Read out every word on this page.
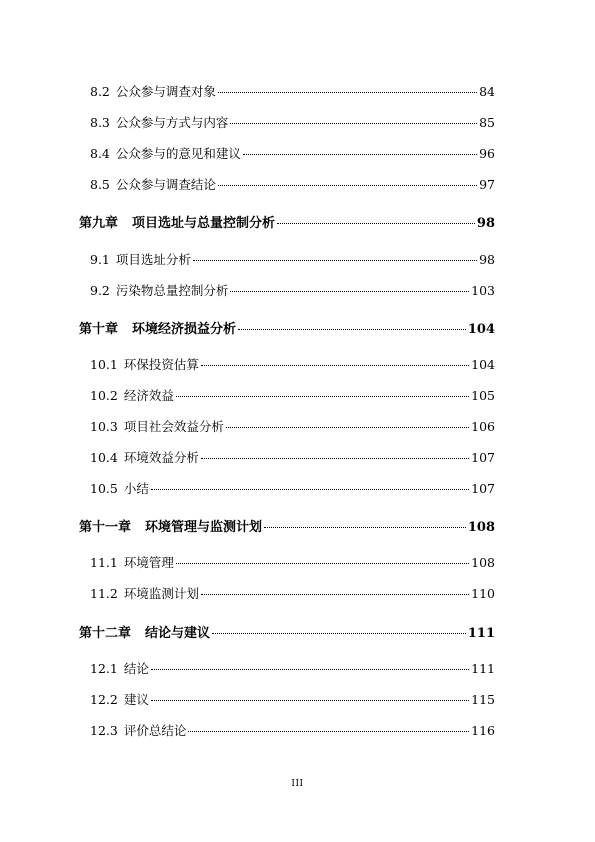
8.2 公众参与调查对象	84
8.3 公众参与方式与内容	85
8.4 公众参与的意见和建议	96
8.5 公众参与调查结论	97
第九章 项目选址与总量控制分析	98
9.1 项目选址分析	98
9.2 污染物总量控制分析	103
第十章 环境经济损益分析	104
10.1 环保投资估算	104
10.2 经济效益	105
10.3 项目社会效益分析	106
10.4 环境效益分析	107
10.5 小结	107
第十一章 环境管理与监测计划	108
11.1 环境管理	108
11.2 环境监测计划	110
第十二章 结论与建议	111
12.1 结论	111
12.2 建议	115
12.3 评价总结论	116
III
